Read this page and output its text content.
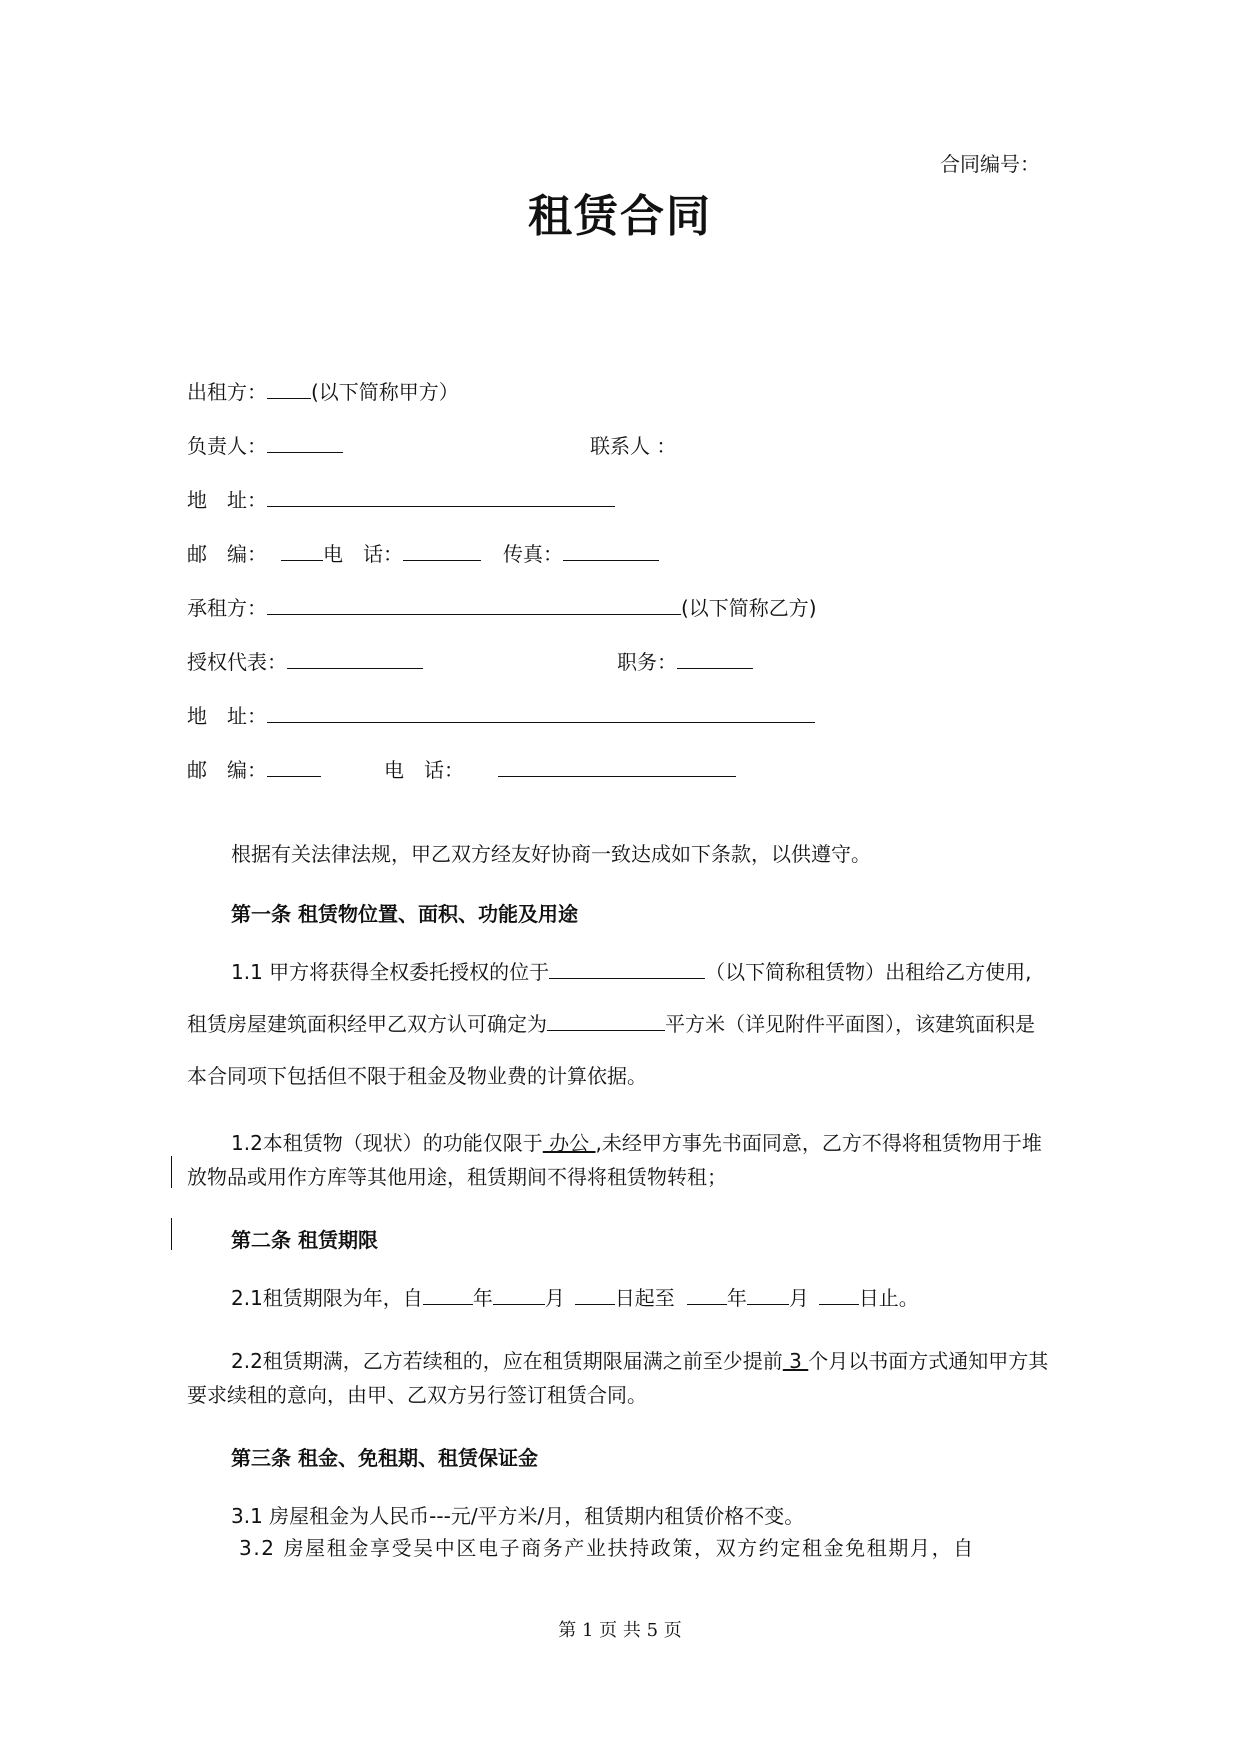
合同编号：
租赁合同
出租方： (以下简称甲方）
负责人：	联系人 ：
地　址：
邮　编：	电　话：	传真：
承租方：	(以下简称乙方)
授权代表：	职务：
地　址：
邮　编：	电　话：
根据有关法律法规，甲乙双方经友好协商一致达成如下条款，以供遵守。
第一条 租赁物位置、面积、功能及用途
1.1 甲方将获得全权委托授权的位于	（以下简称租赁物）出租给乙方使用, 租赁房屋建筑面积经甲乙双方认可确定为	平方米（详见附件平面图），该建筑面积是本合同项下包括但不限于租金及物业费的计算依据。
1.2本租赁物（现状）的功能仅限于 办公 ,未经甲方事先书面同意，乙方不得将租赁物用于堆放物品或用作方库等其他用途，租赁期间不得将租赁物转租；
第二条 租赁期限
2.1租赁期限为年，自	年	月	日起至	年 月	日止。
2.2租赁期满，乙方若续租的，应在租赁期限届满之前至少提前 3 个月以书面方式通知甲方其要求续租的意向，由甲、乙双方另行签订租赁合同。
第三条 租金、免租期、租赁保证金
3.1 房屋租金为人民币---元/平方米/月，租赁期内租赁价格不变。
3.2 房屋租金享受吴中区电子商务产业扶持政策，双方约定租金免租期月，自
第 1 页 共 5 页
